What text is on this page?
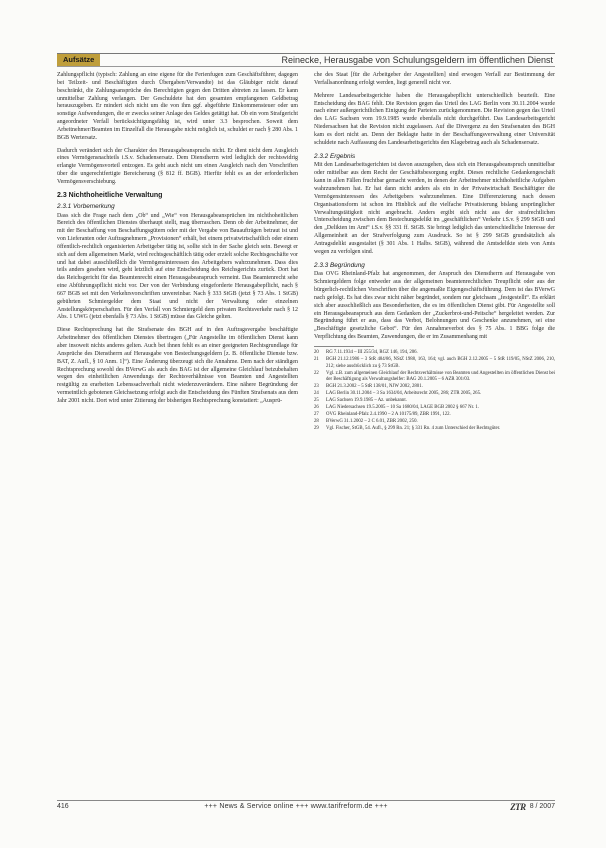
Aufsätze	Reinecke, Herausgabe von Schulungsgeldern im öffentlichen Dienst

Zahlungspflicht (typisch: Zahlung an eine eigene für die Ferienfugen zum Geschäftsführer, dagegen bei Teilzeit- und Beschäftigten durch Übergaben/Verwandte) ist das Gläubiger nicht darauf beschränkt, die Zahlungsansprüche des Berechtigten gegen den Dritten abtreten zu lassen. Er kann unmittelbar Zahlung verlangen. Der Geschuldete hat den gesamten empfangenen Geldbetrag herauszugeben. Er mindert sich nicht um die von ihm ggf. abgeführte Einkommensteuer oder um sonstige Aufwendungen, die er zwecks seiner Anlage des Geldes getätigt hat. Ob ein vom Strafgericht angeordneter Verfall berücksichtigungsfähig ist, wird unter 3.3 besprochen. Soweit dem Arbeitnehmer/Beamten im Einzelfall die Herausgabe nicht möglich ist, schuldet er nach § 280 Abs. 1 BGB Wertersatz.

Dadurch verändert sich der Charakter des Herausgabeanspruchs nicht. Er dient nicht dem Ausgleich eines Vermögensnachteils i.S.v. Schadensersatz. Dem Dienstherrn wird lediglich der rechtswidrig erlangte Vermögensvorteil entzogen. Es geht auch nicht um einen Ausgleich nach den Vorschriften über die ungerechtfertigte Bereicherung (§ 812 ff. BGB). Hierfür fehlt es an der erforderlichen Vermögensverschiebung.

2.3 Nichthoheitliche Verwaltung
2.3.1 Vorbemerkung

Dass sich die Frage nach dem „Ob“ und „Wie“ von Herausgabeansprüchen im nichthoheitlichen Bereich des öffentlichen Dienstes überhaupt stellt, mag überraschen. Denn ob der Arbeitnehmer, der mit der Beschaffung von Beschaffungsgütern oder mit der Vergabe von Bauaufträgen betraut ist und von Lieferanten oder Auftragnehmern „Provisionen“ erhält, bei einem privatwirtschaftlich oder einem öffentlich-rechtlich organisierten Arbeitgeber tätig ist, sollte sich in der Sache gleich sein. Bewegt er sich auf dem allgemeinen Markt, wird rechtsgeschäftlich tätig oder erzielt solche Rechtsgeschäfte vor und hat dabei ausschließlich die Vermögensinteressen des Arbeitgebers wahrzunehmen. Dass dies teils anders gesehen wird, geht letztlich auf eine Entscheidung des Reichsgerichts zurück. Dort hat das Reichsgericht für das Beamtenrecht einen Herausgabeanspruch verneint. Das Beamtenrecht sehe eine Abführungspflicht nicht vor. Der von der Verbindung eingeforderte Herausgabepflicht, nach § 667 BGB sei mit den Verkehrsvorschriften unvereinbar. Nach § 333 StGB (jetzt § 73 Abs. 1 StGB) gebührten Schmiergelder dem Staat und nicht der Verwaltung oder einzelnen Anstellungskörperschaften. Für den Verfall von Schmiergeld dem privaten Rechtsverkehr nach § 12 Abs. 1 UWG (jetzt ebenfalls § 73 Abs. 1 StGB) müsse das Gleiche gelten.

Diese Rechtsprechung hat die Strafsenate des BGH auf in den Auftragsvergabe beschäftigte Arbeitnehmer des öffentlichen Dienstes übertragen („Für Angestellte im öffentlichen Dienst kann aber insoweit nichts anderes gelten. Auch bei ihnen fehlt es an einer geeigneten Rechtsgrundlage für Ansprüche des Dienstherrn auf Herausgabe von Bestechungsgeldern [z. B. öffentliche Dienste bzw. BAT, Z. Aufl., § 10 Anm. 1]“). Eine Änderung überzeugt sich die Annahme. Dem nach der ständigen Rechtsprechung sowohl des BVerwG als auch des BAG ist der allgemeine Gleichlauf beizubehalten wegen des einheitlichen Anwendungs der Rechtsverhältnisse von Beamten und Angestellten restgültig zu erarbeiten Lebenssachverhalt nicht wiederzuverändern. Eine nähere Begründung der vermeintlich gebotenen Gleichsetzung erfolgt auch die Entscheidung des Fünften Strafsenats aus dem Jahr 2001 nicht. Dort wird unter Zitierung der bisherigen Rechtsprechung konstatiert: „Ausprü-

che des Staat [für die Arbeitgeber der Angestellten] sind erwogen Verfall zur Bestimmung der Verfallsanordnung erfolgt werden, liegt generell nicht vor.

Mehrere Landesarbeitsgerichte haben die Herausgabepflicht unterschiedlich beurteilt. Eine Entscheidung des BAG fehlt. Die Revision gegen das Urteil des LAG Berlin vom 30.11.2004 wurde nach einer außergerichtlichen Einigung der Parteien zurückgenommen. Die Revision gegen das Urteil des LAG Sachsen vom 19.9.1985 wurde ebenfalls nicht durchgeführt. Das Landesarbeitsgericht Niedersachsen hat die Revision nicht zugelassen. Auf die Divergenz zu den Strafsenaten des BGH kam es dort nicht an. Denn der Beklagte hatte in der Beschaffungsverwaltung einer Universität schuldete nach Auffassung des Landesarbeitsgerichts den Klagebetrag auch als Schadensersatz.

2.3.2 Ergebnis

Mit den Landesarbeitsgerichten ist davon auszugehen, dass sich ein Herausgabeanspruch unmittelbar oder mittelbar aus dem Recht der Geschäftsbesorgung ergibt. Dieses rechtliche Gedankengeschäft kann in allen Fällen fruchtbar gemacht werden, in denen der Arbeitnehmer nichthoheitliche Aufgaben wahrzunehmen hat. Er hat dann nicht anders als ein in der Privatwirtschaft Beschäftigter die Vermögensinteressen des Arbeitgebers wahrzunehmen. Eine Differenzierung nach dessen Organisationsform ist schon im Hinblick auf die vielfache Privatisierung bislang ursprünglicher Verwaltungstätigkeit nicht angebracht. Anders ergibt sich nicht aus der strafrechtlichen Unterscheidung zwischen dem Bestechungsdelikt im „geschäftlichen“ Verkehr i.S.v. § 299 StGB und den „Delikten im Amt“ i.S.v. §§ 331 ff. StGB. Sie bringt lediglich das unterschiedliche Interesse der Allgemeinheit an der Strafverfolgung zum Ausdruck. So ist § 299 StGB grundsätzlich als Antragsdelikt ausgestaltet (§ 301 Abs. 1 Halbs. StGB), während die Amtsdelikte stets von Amts wegen zu verfolgen sind.

2.3.3 Begründung

Das OVG Rheinland-Pfalz hat angenommen, der Anspruch des Dienstherrn auf Herausgabe von Schmiergeldern folge entweder aus der allgemeinen beamtenrechtlichen Treupflicht oder aus der bürgerlich-rechtlichen Vorschriften über die angemaßte Eigengeschäftsführung. Dem ist das BVerwG nach gefolgt. Es hat dies zwar nicht näher begründet, sondern nur gleichsam „festgestellt“. Es erklärt sich aber ausschließlich aus Besonderheiten, die es im öffentlichen Dienst gibt. Für Angestellte soll ein Herausgabeanspruch aus dem Gedanken der „Zuckerbrot-und-Peitsche“ hergeleitet werden. Zur Begründung führt er aus, dass das Verbot, Belohnungen und Geschenke anzunehmen, sei eine „Beschäftigte gesetzliche Gebot“. Für den Annahmeverbot des § 75 Abs. 1 BBG folge die Verpflichtung des Beamten, Zuwendungen, die er im Zusammenhang mit

20	RG 7.11.1934 – III 255/34, RGZ 146, 194, 206.
21	BGH 21.12.1986 – 3 StR 484/86, NStZ 1988, 163, 164; vgl. auch BGH 2.12.2005 – 5 StR 119/05, NStZ 2006, 210, 212; siehe ausdrücklich zu § 73 StGB.
22	Vgl. z.B. zum allgemeinen Gleichlauf der Rechtsverhältnisse von Beamten und Angestellten im öffentlichen Dienst bei der Beschäftigung als Verwaltungshelfer: BAG 20.1.2005 – 6 AZR 301/03.
23	BGH 21.3.2002 – 5 StR 138/01, NJW 2002, 2801.
24	LAG Berlin 30.11.2004 – 3 Sa 1634/04, Arbeitsrecht 2005, 286; ZTR 2005, 265.
25	LAG Sachsen 19.9.1985 – Az. unbekannt.
26	LAG Niedersachsen 19.5.2005 – 10 Sa 1680/04, LAGE BGB 2002 § 667 Nr. 1.
27	OVG Rheinland-Pfalz 2.4.1990 – 2 A 10175/89, ZBR 1991, 122.
28	BVerwG 31.1.2002 – 2 C 6.01, ZBR 2002, 250.
29	Vgl. Fischer, StGB, 54. Aufl., § 299 Rn. 21; § 331 Rn. 4 zum Unterschied der Rechtsgüter.
416	+++ News & Service online +++ www.tarifreform.de +++	ZTR 8 / 2007
